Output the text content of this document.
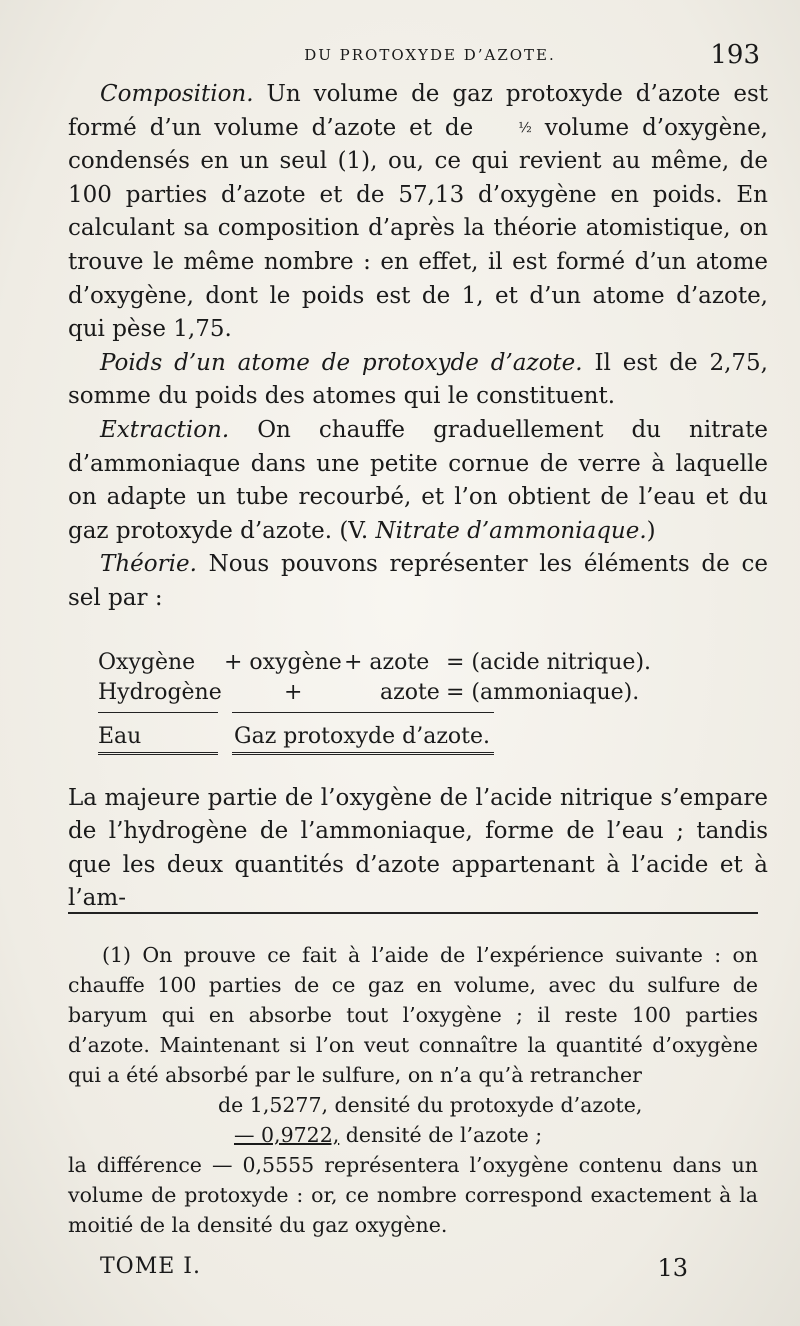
DU PROTOXYDE D’AZOTE.	193

Composition. Un volume de gaz protoxyde d’azote est formé d’un volume d’azote et de ½ volume d’oxygène, condensés en un seul (1), ou, ce qui revient au même, de 100 parties d’azote et de 57,13 d’oxygène en poids. En calculant sa composition d’après la théorie atomistique, on trouve le même nombre : en effet, il est formé d’un atome d’oxygène, dont le poids est de 1, et d’un atome d’azote, qui pèse 1,75.

Poids d’un atome de protoxyde d’azote. Il est de 2,75, somme du poids des atomes qui le constituent.

Extraction. On chauffe graduellement du nitrate d’ammoniaque dans une petite cornue de verre à laquelle on adapte un tube recourbé, et l’on obtient de l’eau et du gaz protoxyde d’azote. (V. Nitrate d’ammoniaque.)

Théorie. Nous pouvons représenter les éléments de ce sel par :

Oxygène + oxygène + azote = (acide nitrique).
Hydrogène	+	azote = (ammoniaque).
Eau	Gaz protoxyde d’azote.

La majeure partie de l’oxygène de l’acide nitrique s’empare de l’hydrogène de l’ammoniaque, forme de l’eau ; tandis que les deux quantités d’azote appartenant à l’acide et à l’am-

(1) On prouve ce fait à l’aide de l’expérience suivante : on chauffe 100 parties de ce gaz en volume, avec du sulfure de baryum qui en absorbe tout l’oxygène ; il reste 100 parties d’azote. Maintenant si l’on veut connaître la quantité d’oxygène qui a été absorbé par le sulfure, on n’a qu’à retrancher

de 1,5277, densité du protoxyde d’azote,
— 0,9722, densité de l’azote ;

la différence — 0,5555 représentera l’oxygène contenu dans un volume de protoxyde : or, ce nombre correspond exactement à la moitié de la densité du gaz oxygène.

TOME I.	13
